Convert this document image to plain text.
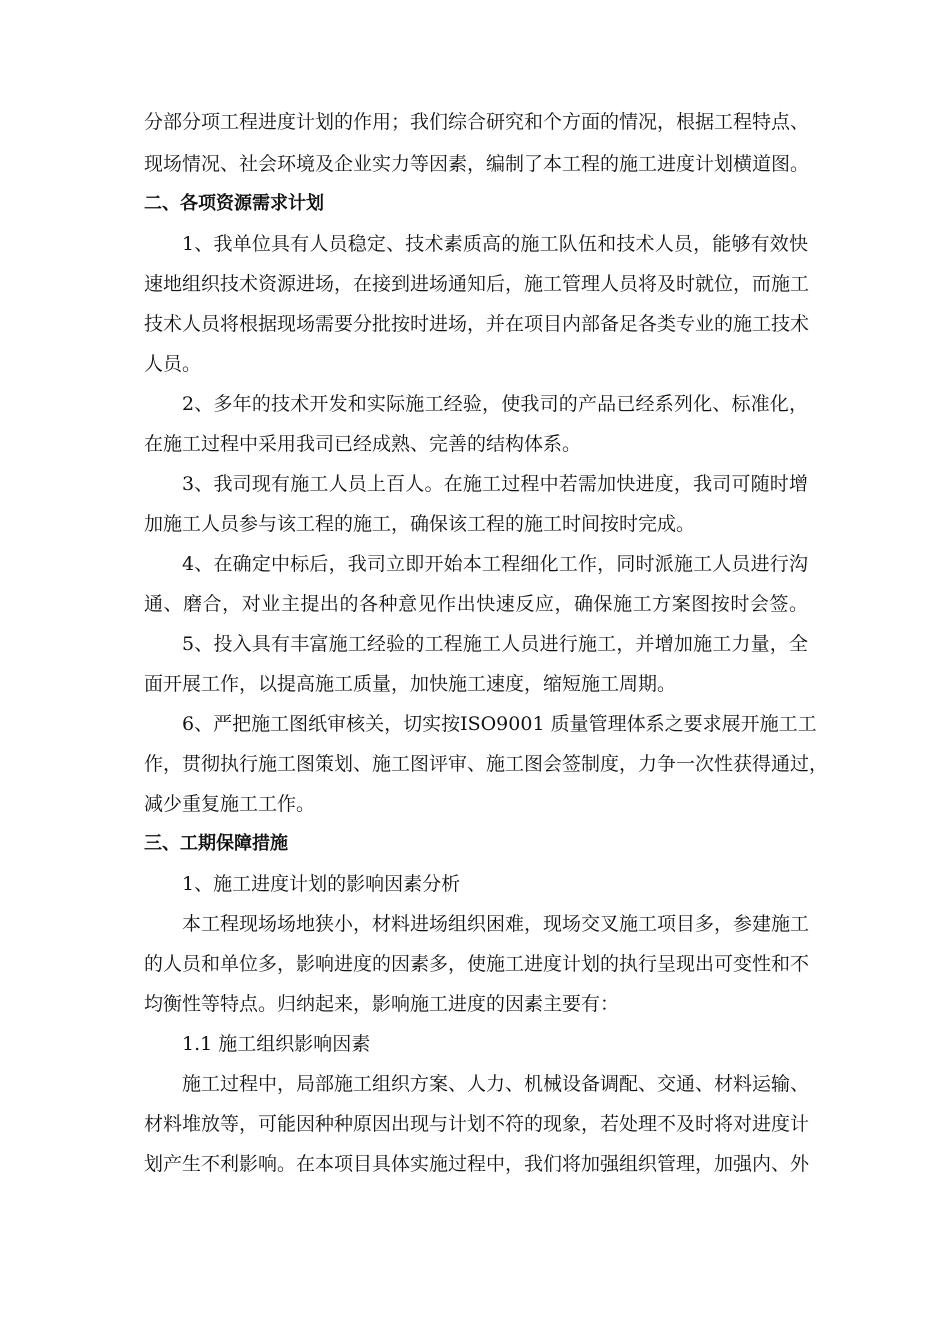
分部分项工程进度计划的作用；我们综合研究和个方面的情况，根据工程特点、

现场情况、社会环境及企业实力等因素，编制了本工程的施工进度计划横道图。

二、各项资源需求计划

1、我单位具有人员稳定、技术素质高的施工队伍和技术人员，能够有效快

速地组织技术资源进场，在接到进场通知后，施工管理人员将及时就位，而施工

技术人员将根据现场需要分批按时进场，并在项目内部备足各类专业的施工技术

人员。

2、多年的技术开发和实际施工经验，使我司的产品已经系列化、标准化，

在施工过程中采用我司已经成熟、完善的结构体系。

3、我司现有施工人员上百人。在施工过程中若需加快进度，我司可随时增

加施工人员参与该工程的施工，确保该工程的施工时间按时完成。

4、在确定中标后，我司立即开始本工程细化工作，同时派施工人员进行沟

通、磨合，对业主提出的各种意见作出快速反应，确保施工方案图按时会签。

5、投入具有丰富施工经验的工程施工人员进行施工，并增加施工力量，全

面开展工作，以提高施工质量，加快施工速度，缩短施工周期。

6、严把施工图纸审核关，切实按ISO9001 质量管理体系之要求展开施工工

作，贯彻执行施工图策划、施工图评审、施工图会签制度，力争一次性获得通过，

减少重复施工工作。

三、工期保障措施

1、施工进度计划的影响因素分析

本工程现场场地狭小，材料进场组织困难，现场交叉施工项目多，参建施工

的人员和单位多，影响进度的因素多，使施工进度计划的执行呈现出可变性和不

均衡性等特点。归纳起来，影响施工进度的因素主要有：

1.1 施工组织影响因素

施工过程中，局部施工组织方案、人力、机械设备调配、交通、材料运输、

材料堆放等，可能因种种原因出现与计划不符的现象，若处理不及时将对进度计

划产生不利影响。在本项目具体实施过程中，我们将加强组织管理，加强内、外
